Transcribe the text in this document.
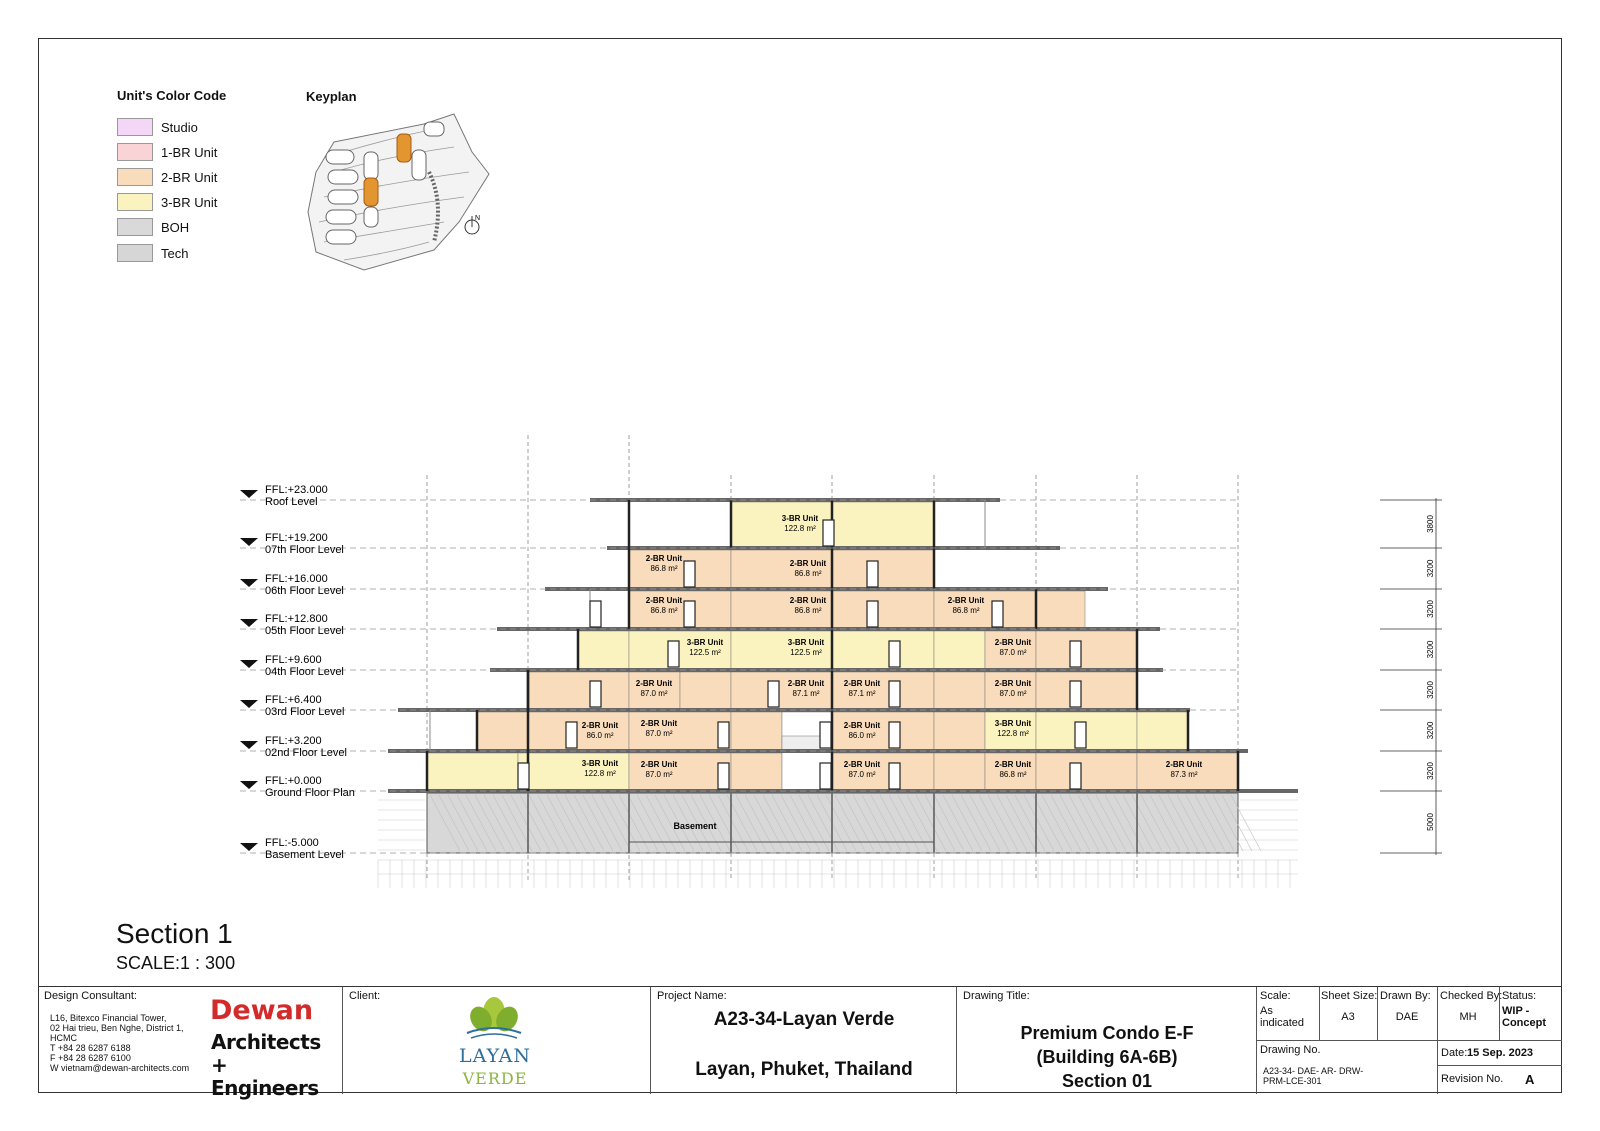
Unit's Color Code
Studio
1-BR Unit
2-BR Unit
3-BR Unit
BOH
Tech
Keyplan
N
Basement
3-BR Unit
122.8 m²
2-BR Unit
86.8 m²
2-BR Unit
86.8 m²
2-BR Unit
86.8 m²
2-BR Unit
86.8 m²
2-BR Unit
86.8 m²
3-BR Unit
122.5 m²
3-BR Unit
122.5 m²
2-BR Unit
87.0 m²
2-BR Unit
87.0 m²
2-BR Unit
87.1 m²
2-BR Unit
87.1 m²
2-BR Unit
87.0 m²
2-BR Unit
87.0 m²
2-BR Unit
86.0 m²
2-BR Unit
86.0 m²
3-BR Unit
122.8 m²
3-BR Unit
122.8 m²
2-BR Unit
87.0 m²
2-BR Unit
87.0 m²
2-BR Unit
86.8 m²
2-BR Unit
87.3 m²
FFL:+23.000
Roof Level
FFL:+19.200
07th Floor Level
FFL:+16.000
06th Floor Level
FFL:+12.800
05th Floor Level
FFL:+9.600
04th Floor Level
FFL:+6.400
03rd Floor Level
FFL:+3.200
02nd Floor Level
FFL:+0.000
Ground Floor Plan
FFL:-5.000
Basement Level
3800
3200
3200
3200
3200
3200
3200
5000
Section 1
SCALE:1 : 300
Design Consultant:
L16, Bitexco Financial Tower,
02 Hai trieu, Ben Nghe, District 1,
HCMC
T +84 28 6287 6188
F +84 28 6287 6100
W vietnam@dewan-architects.com
Dewan
Architects +
Engineers
Client:
LAYAN
VERDE
Project Name:
A23-34-Layan Verde
Layan, Phuket, Thailand
Drawing Title:
Premium Condo E-F
(Building 6A-6B)
Section 01
Scale:
As indicated
Sheet Size:
A3
Drawn By:
DAE
Checked By:
MH
Status:
WIP - Concept
Drawing No.
A23-34- DAE- AR- DRW- PRM-LCE-301
Date: 15 Sep. 2023
Revision No. A
